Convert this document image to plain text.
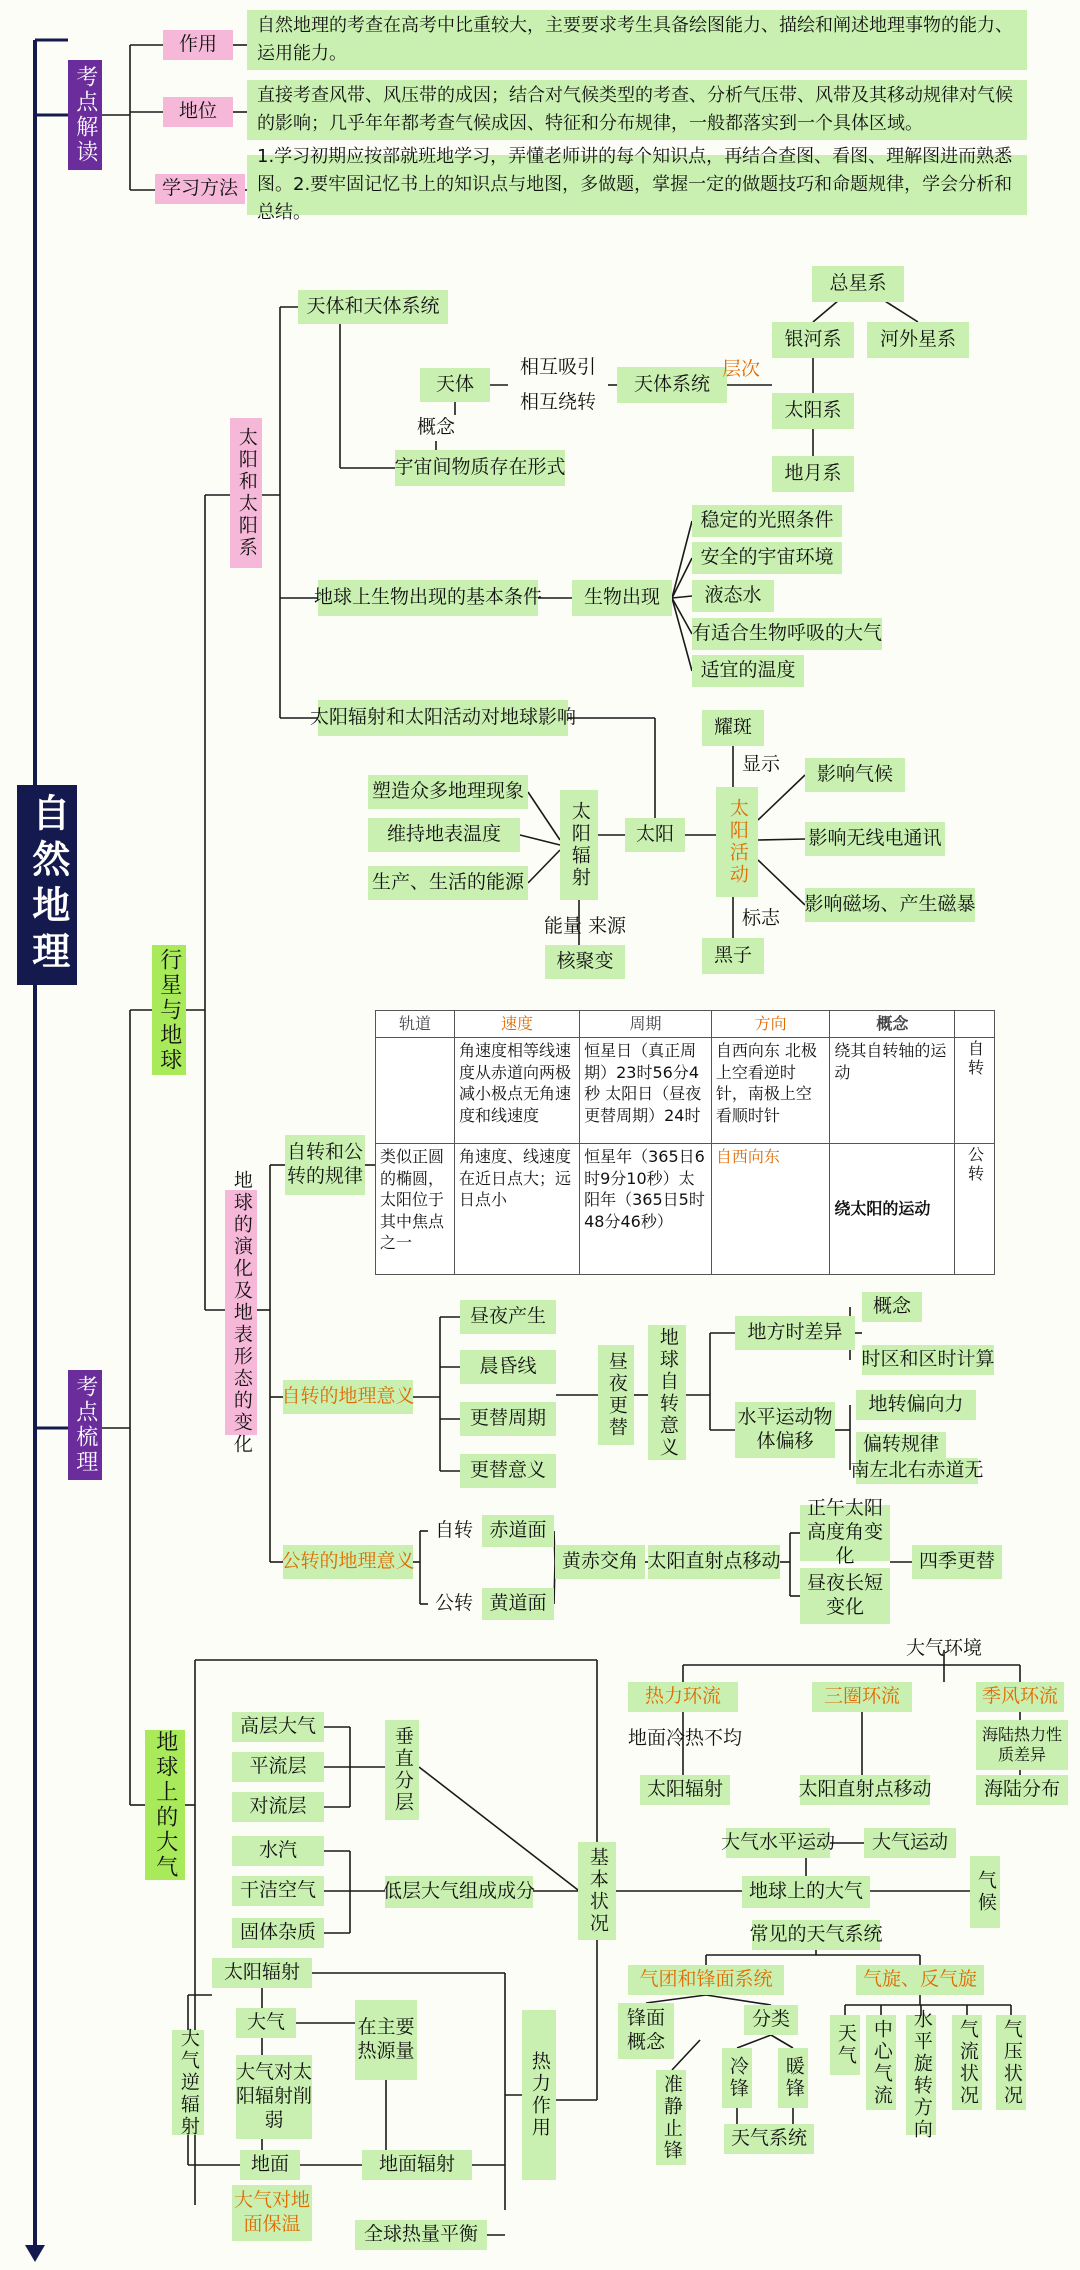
自然地理
考点解读
作用
地位
学习方法
自然地理的考查在高考中比重较大，主要要求考生具备绘图能力、描绘和阐述地理事物的能力、运用能力。
直接考查风带、风压带的成因；结合对气候类型的考查、分析气压带、风带及其移动规律对气候的影响；几乎年年都考查气候成因、特征和分布规律，一般都落实到一个具体区域。
1.学习初期应按部就班地学习，弄懂老师讲的每个知识点，再结合查图、看图、理解图进而熟悉图。2.要牢固记忆书上的知识点与地图，多做题，掌握一定的做题技巧和命题规律，学会分析和总结。
考点梳理
行星与地球
地球上的大气
太阳和太阳系
天体和天体系统
天体
相互吸引
相互绕转
天体系统
层次
概念
宇宙间物质存在形式
总星系
银河系	河外星系
太阳系
地月系
地球上生物出现的基本条件	生物出现
稳定的光照条件
安全的宇宙环境
液态水
有适合生物呼吸的大气
适宜的温度
太阳辐射和太阳活动对地球影响
塑造众多地理现象
维持地表温度
生产、生活的能源	太阳辐射	太阳	太阳活动
耀斑
显示
标志
黑子
能量 来源
核聚变
影响气候
影响无线电通讯
影响磁场、产生磁暴
地球的演化及地表形态的变化
自转和公转的规律
轨道	速度	周期	方向	概念	
	角速度相等线速度从赤道向两极减小极点无角速度和线速度	恒星日（真正周期）23时56分4秒 太阳日（昼夜更替周期）24时	自西向东 北极上空看逆时针，南极上空看顺时针	绕其自转轴的运动	自转
类似正圆的椭圆，太阳位于其中焦点之一	角速度、线速度在近日点大；远日点小	恒星年（365日6时9分10秒）太阳年（365日5时48分46秒）	自西向东	绕太阳的运动	公转
自转的地理意义
昼夜产生
晨昏线
更替周期
更替意义
昼夜更替	地球自转意义	地方时差异
概念
时区和区时计算
水平运动物体偏移
地转偏向力
偏转规律
南左北右赤道无
公转的地理意义
自转 赤道面
公转 黄道面
黄赤交角 太阳直射点移动
正午太阳高度角变化
昼夜长短变化
四季更替
高层大气
平流层
对流层	垂直分层
水汽
干洁空气
固体杂质
低层大气组成成分	基本状况	地球上的大气
大气水平运动	大气运动
气候
大气环境
热力环流	三圈环流	季风环流
地面冷热不均
太阳辐射	太阳直射点移动
海陆热力性质差异
海陆分布
常见的天气系统
气团和锋面系统	气旋、反气旋
锋面概念
分类
冷锋 暖锋
准静止锋	天气系统
天气 中心气流 水平旋转方向 气流状况 气压状况
太阳辐射
大气
大气逆辐射 大气对太阳辐射削弱
在主要热源量
地面	地面辐射
大气对地面保温	全球热量平衡
热力作用
